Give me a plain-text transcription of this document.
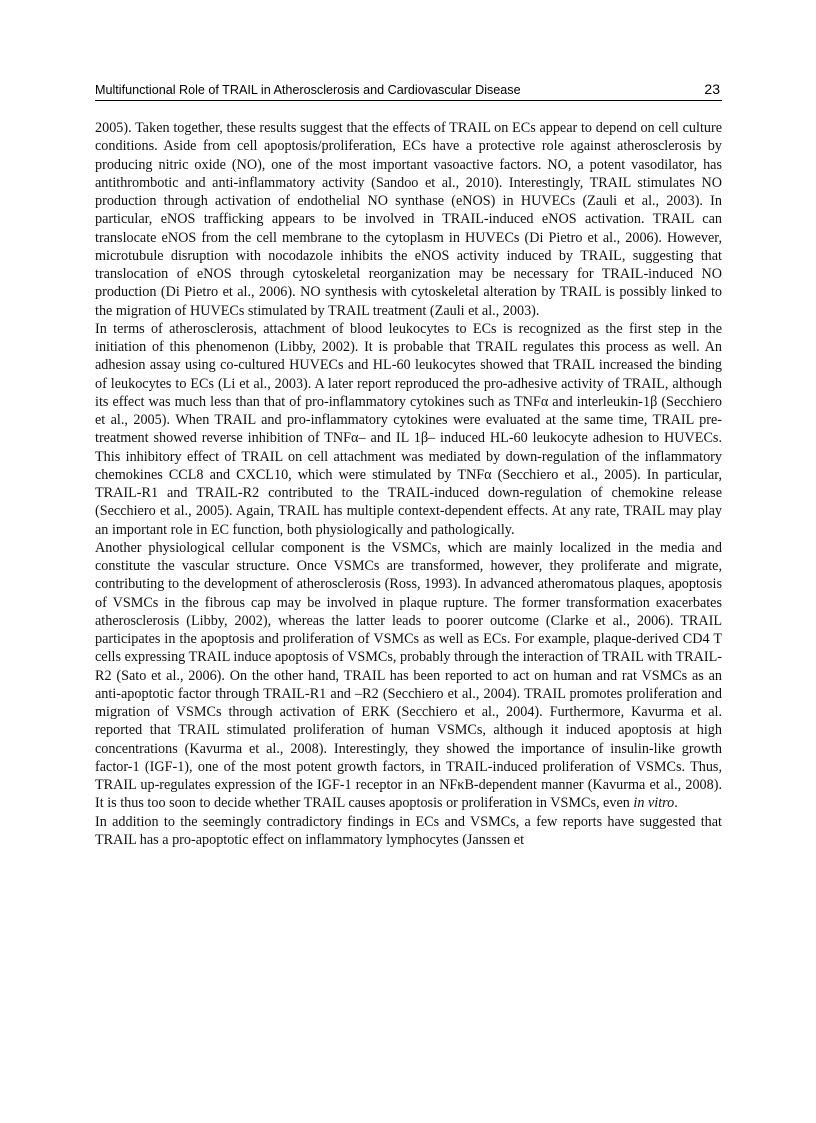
Multifunctional Role of TRAIL in Atherosclerosis and Cardiovascular Disease	23

2005). Taken together, these results suggest that the effects of TRAIL on ECs appear to depend on cell culture conditions. Aside from cell apoptosis/proliferation, ECs have a protective role against atherosclerosis by producing nitric oxide (NO), one of the most important vasoactive factors. NO, a potent vasodilator, has antithrombotic and anti-inflammatory activity (Sandoo et al., 2010). Interestingly, TRAIL stimulates NO production through activation of endothelial NO synthase (eNOS) in HUVECs (Zauli et al., 2003). In particular, eNOS trafficking appears to be involved in TRAIL-induced eNOS activation. TRAIL can translocate eNOS from the cell membrane to the cytoplasm in HUVECs (Di Pietro et al., 2006). However, microtubule disruption with nocodazole inhibits the eNOS activity induced by TRAIL, suggesting that translocation of eNOS through cytoskeletal reorganization may be necessary for TRAIL-induced NO production (Di Pietro et al., 2006). NO synthesis with cytoskeletal alteration by TRAIL is possibly linked to the migration of HUVECs stimulated by TRAIL treatment (Zauli et al., 2003).

In terms of atherosclerosis, attachment of blood leukocytes to ECs is recognized as the first step in the initiation of this phenomenon (Libby, 2002). It is probable that TRAIL regulates this process as well. An adhesion assay using co-cultured HUVECs and HL-60 leukocytes showed that TRAIL increased the binding of leukocytes to ECs (Li et al., 2003). A later report reproduced the pro-adhesive activity of TRAIL, although its effect was much less than that of pro-inflammatory cytokines such as TNFα and interleukin-1β (Secchiero et al., 2005). When TRAIL and pro-inflammatory cytokines were evaluated at the same time, TRAIL pre-treatment showed reverse inhibition of TNFα– and IL 1β– induced HL-60 leukocyte adhesion to HUVECs. This inhibitory effect of TRAIL on cell attachment was mediated by down-regulation of the inflammatory chemokines CCL8 and CXCL10, which were stimulated by TNFα (Secchiero et al., 2005). In particular, TRAIL-R1 and TRAIL-R2 contributed to the TRAIL-induced down-regulation of chemokine release (Secchiero et al., 2005). Again, TRAIL has multiple context-dependent effects. At any rate, TRAIL may play an important role in EC function, both physiologically and pathologically.

Another physiological cellular component is the VSMCs, which are mainly localized in the media and constitute the vascular structure. Once VSMCs are transformed, however, they proliferate and migrate, contributing to the development of atherosclerosis (Ross, 1993). In advanced atheromatous plaques, apoptosis of VSMCs in the fibrous cap may be involved in plaque rupture. The former transformation exacerbates atherosclerosis (Libby, 2002), whereas the latter leads to poorer outcome (Clarke et al., 2006). TRAIL participates in the apoptosis and proliferation of VSMCs as well as ECs. For example, plaque-derived CD4 T cells expressing TRAIL induce apoptosis of VSMCs, probably through the interaction of TRAIL with TRAIL-R2 (Sato et al., 2006). On the other hand, TRAIL has been reported to act on human and rat VSMCs as an anti-apoptotic factor through TRAIL-R1 and –R2 (Secchiero et al., 2004). TRAIL promotes proliferation and migration of VSMCs through activation of ERK (Secchiero et al., 2004). Furthermore, Kavurma et al. reported that TRAIL stimulated proliferation of human VSMCs, although it induced apoptosis at high concentrations (Kavurma et al., 2008). Interestingly, they showed the importance of insulin-like growth factor-1 (IGF-1), one of the most potent growth factors, in TRAIL-induced proliferation of VSMCs. Thus, TRAIL up-regulates expression of the IGF-1 receptor in an NFκB-dependent manner (Kavurma et al., 2008). It is thus too soon to decide whether TRAIL causes apoptosis or proliferation in VSMCs, even in vitro.

In addition to the seemingly contradictory findings in ECs and VSMCs, a few reports have suggested that TRAIL has a pro-apoptotic effect on inflammatory lymphocytes (Janssen et
